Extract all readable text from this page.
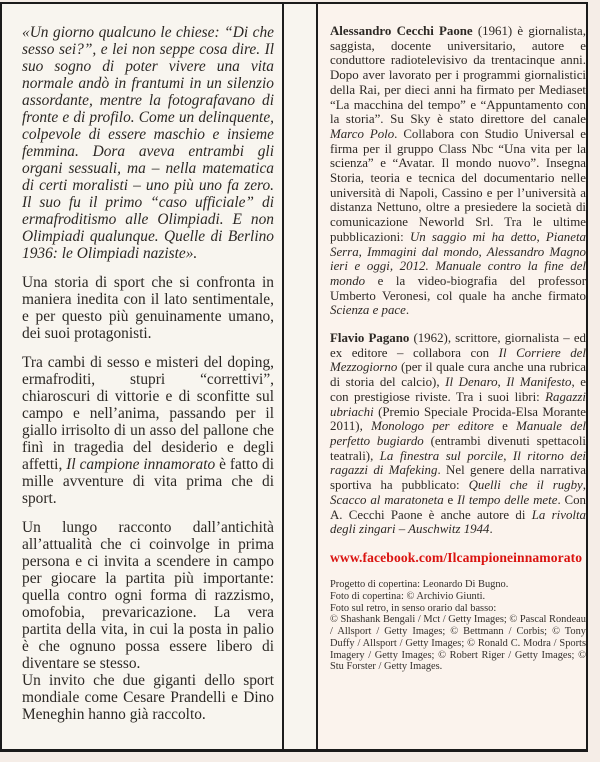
«Un giorno qualcuno le chiese: “Di che sesso sei?”, e lei non seppe cosa dire. Il suo sogno di poter vivere una vita normale andò in frantumi in un silenzio assordante, mentre la fotografavano di fronte e di profilo. Come un delinquente, colpevole di essere maschio e insieme femmina. Dora aveva entrambi gli organi sessuali, ma – nella matematica di certi moralisti – uno più uno fa zero. Il suo fu il primo “caso ufficiale” di ermafroditismo alle Olimpiadi. E non Olimpiadi qualunque. Quelle di Berlino 1936: le Olimpiadi naziste».

Una storia di sport che si confronta in maniera inedita con il lato sentimentale, e per questo più genuinamente umano, dei suoi protagonisti.

Tra cambi di sesso e misteri del doping, ermafroditi, stupri “correttivi”, chiaroscuri di vittorie e di sconfitte sul campo e nell’anima, passando per il giallo irrisolto di un asso del pallone che finì in tragedia del desiderio e degli affetti, Il campione innamorato è fatto di mille avventure di vita prima che di sport.

Un lungo racconto dall’antichità all’attualità che ci coinvolge in prima persona e ci invita a scendere in campo per giocare la partita più importante: quella contro ogni forma di razzismo, omofobia, prevaricazione. La vera partita della vita, in cui la posta in palio è che ognuno possa essere libero di diventare se stesso.

Un invito che due giganti dello sport mondiale come Cesare Prandelli e Dino Meneghin hanno già raccolto.

Alessandro Cecchi Paone (1961) è giornalista, saggista, docente universitario, autore e conduttore radiotelevisivo da trentacinque anni. Dopo aver lavorato per i programmi giornalistici della Rai, per dieci anni ha firmato per Mediaset “La macchina del tempo” e “Appuntamento con la storia”. Su Sky è stato direttore del canale Marco Polo. Collabora con Studio Universal e firma per il gruppo Class Nbc “Una vita per la scienza” e “Avatar. Il mondo nuovo”. Insegna Storia, teoria e tecnica del documentario nelle università di Napoli, Cassino e per l’università a distanza Nettuno, oltre a presiedere la società di comunicazione Neworld Srl. Tra le ultime pubblicazioni: Un saggio mi ha detto, Pianeta Serra, Immagini dal mondo, Alessandro Magno ieri e oggi, 2012. Manuale contro la fine del mondo e la video-biografia del professor Umberto Veronesi, col quale ha anche firmato Scienza e pace.

Flavio Pagano (1962), scrittore, giornalista – ed ex editore – collabora con Il Corriere del Mezzogiorno (per il quale cura anche una rubrica di storia del calcio), Il Denaro, Il Manifesto, e con prestigiose riviste. Tra i suoi libri: Ragazzi ubriachi (Premio Speciale Procida-Elsa Morante 2011), Monologo per editore e Manuale del perfetto bugiardo (entrambi divenuti spettacoli teatrali), La finestra sul porcile, Il ritorno dei ragazzi di Mafeking. Nel genere della narrativa sportiva ha pubblicato: Quelli che il rugby, Scacco al maratoneta e Il tempo delle mete. Con A. Cecchi Paone è anche autore di La rivolta degli zingari – Auschwitz 1944.

www.facebook.com/Ilcampioneinnamorato
Progetto di copertina: Leonardo Di Bugno.
Foto di copertina: © Archivio Giunti.
Foto sul retro, in senso orario dal basso:
© Shashank Bengali / Mct / Getty Images; © Pascal Rondeau / Allsport / Getty Images; © Bettmann / Corbis; © Tony Duffy / Allsport / Getty Images; © Ronald C. Modra / Sports Imagery / Getty Images; © Robert Riger / Getty Images; © Stu Forster / Getty Images.
